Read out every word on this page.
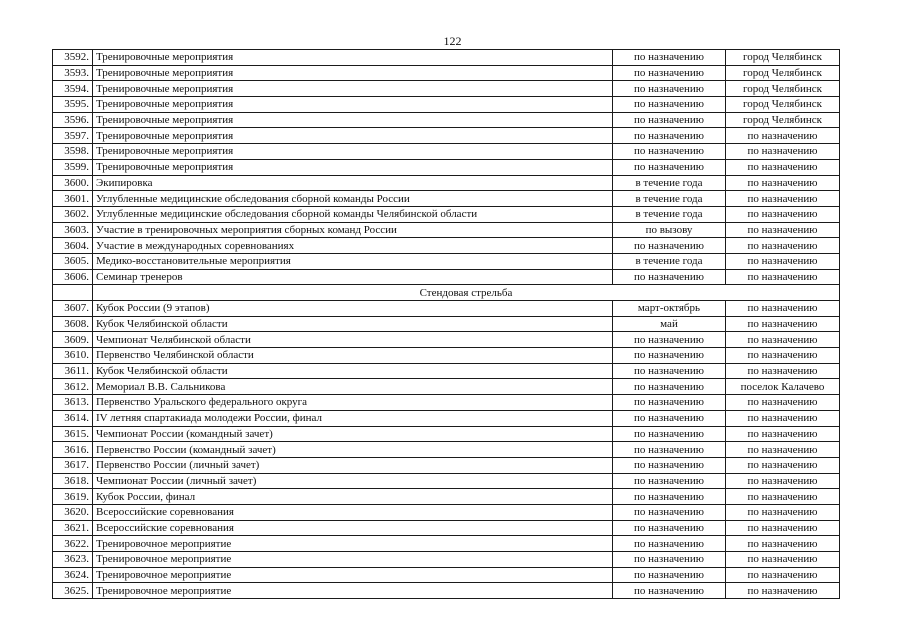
122
3592.	Тренировочные мероприятия	по назначению	город Челябинск
3593.	Тренировочные мероприятия	по назначению	город Челябинск
3594.	Тренировочные мероприятия	по назначению	город Челябинск
3595.	Тренировочные мероприятия	по назначению	город Челябинск
3596.	Тренировочные мероприятия	по назначению	город Челябинск
3597.	Тренировочные мероприятия	по назначению	по назначению
3598.	Тренировочные мероприятия	по назначению	по назначению
3599.	Тренировочные мероприятия	по назначению	по назначению
3600.	Экипировка	в течение года	по назначению
3601.	Углубленные медицинские обследования сборной команды России	в течение года	по назначению
3602.	Углубленные медицинские обследования сборной команды Челябинской области	в течение года	по назначению
3603.	Участие в тренировочных мероприятия сборных команд России	по вызову	по назначению
3604.	Участие в международных соревнованиях	по назначению	по назначению
3605.	Медико-восстановительные мероприятия	в течение года	по назначению
3606.	Семинар тренеров	по назначению	по назначению
	Стендовая стрельба		
3607.	Кубок России (9 этапов)	март-октябрь	по назначению
3608.	Кубок Челябинской области	май	по назначению
3609.	Чемпионат Челябинской области	по назначению	по назначению
3610.	Первенство Челябинской области	по назначению	по назначению
3611.	Кубок Челябинской области	по назначению	по назначению
3612.	Мемориал В.В. Сальникова	по назначению	поселок Калачево
3613.	Первенство Уральского федерального округа	по назначению	по назначению
3614.	IV летняя спартакиада молодежи России, финал	по назначению	по назначению
3615.	Чемпионат России (командный зачет)	по назначению	по назначению
3616.	Первенство России (командный зачет)	по назначению	по назначению
3617.	Первенство России (личный зачет)	по назначению	по назначению
3618.	Чемпионат России (личный зачет)	по назначению	по назначению
3619.	Кубок России, финал	по назначению	по назначению
3620.	Всероссийские соревнования	по назначению	по назначению
3621.	Всероссийские соревнования	по назначению	по назначению
3622.	Тренировочное мероприятие	по назначению	по назначению
3623.	Тренировочное мероприятие	по назначению	по назначению
3624.	Тренировочное мероприятие	по назначению	по назначению
3625.	Тренировочное мероприятие	по назначению	по назначению
